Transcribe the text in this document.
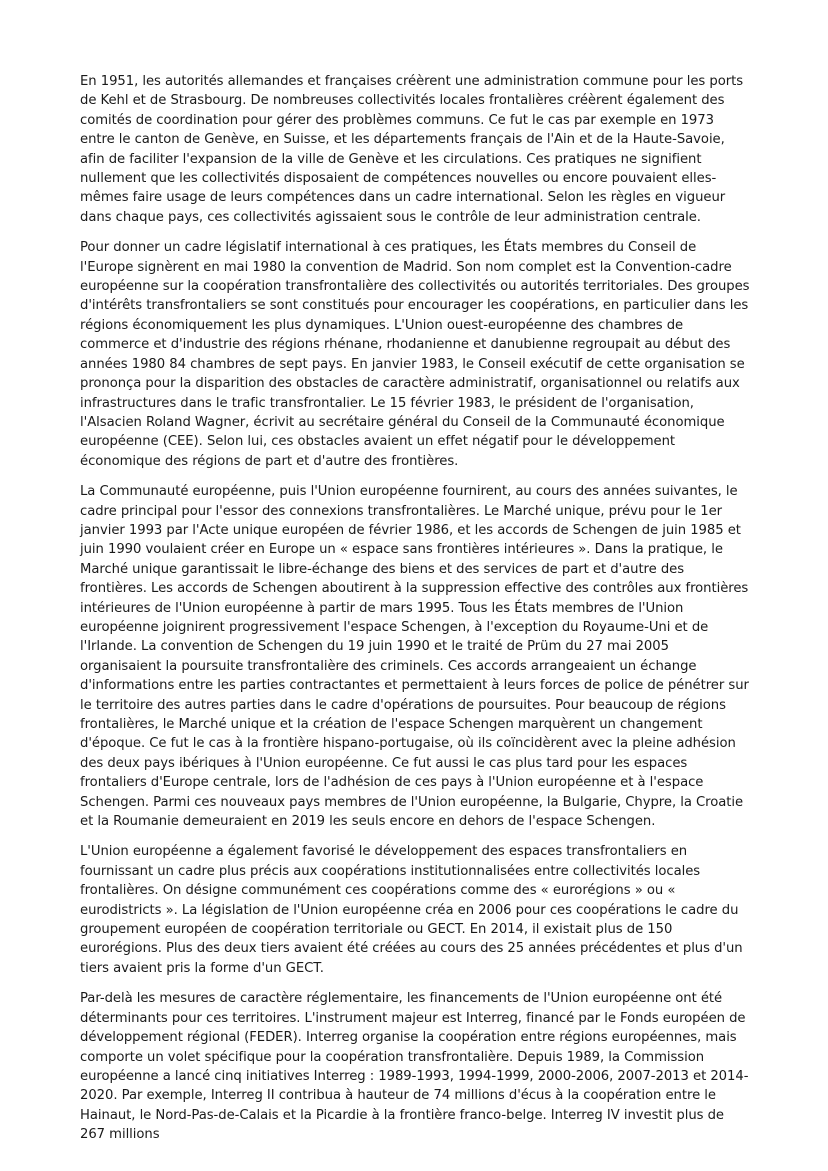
En 1951, les autorités allemandes et françaises créèrent une administration commune pour les ports de Kehl et de Strasbourg. De nombreuses collectivités locales frontalières créèrent également des comités de coordination pour gérer des problèmes communs. Ce fut le cas par exemple en 1973 entre le canton de Genève, en Suisse, et les départements français de l'Ain et de la Haute-Savoie, afin de faciliter l'expansion de la ville de Genève et les circulations. Ces pratiques ne signifient nullement que les collectivités disposaient de compétences nouvelles ou encore pouvaient elles-mêmes faire usage de leurs compétences dans un cadre international. Selon les règles en vigueur dans chaque pays, ces collectivités agissaient sous le contrôle de leur administration centrale.

Pour donner un cadre législatif international à ces pratiques, les États membres du Conseil de l'Europe signèrent en mai 1980 la convention de Madrid. Son nom complet est la Convention-cadre européenne sur la coopération transfrontalière des collectivités ou autorités territoriales. Des groupes d'intérêts transfrontaliers se sont constitués pour encourager les coopérations, en particulier dans les régions économiquement les plus dynamiques. L'Union ouest-européenne des chambres de commerce et d'industrie des régions rhénane, rhodanienne et danubienne regroupait au début des années 1980 84 chambres de sept pays. En janvier 1983, le Conseil exécutif de cette organisation se prononça pour la disparition des obstacles de caractère administratif, organisationnel ou relatifs aux infrastructures dans le trafic transfrontalier. Le 15 février 1983, le président de l'organisation, l'Alsacien Roland Wagner, écrivit au secrétaire général du Conseil de la Communauté économique européenne (CEE). Selon lui, ces obstacles avaient un effet négatif pour le développement économique des régions de part et d'autre des frontières.

La Communauté européenne, puis l'Union européenne fournirent, au cours des années suivantes, le cadre principal pour l'essor des connexions transfrontalières. Le Marché unique, prévu pour le 1er janvier 1993 par l'Acte unique européen de février 1986, et les accords de Schengen de juin 1985 et juin 1990 voulaient créer en Europe un « espace sans frontières intérieures ». Dans la pratique, le Marché unique garantissait le libre-échange des biens et des services de part et d'autre des frontières. Les accords de Schengen aboutirent à la suppression effective des contrôles aux frontières intérieures de l'Union européenne à partir de mars 1995. Tous les États membres de l'Union européenne joignirent progressivement l'espace Schengen, à l'exception du Royaume-Uni et de l'Irlande. La convention de Schengen du 19 juin 1990 et le traité de Prüm du 27 mai 2005 organisaient la poursuite transfrontalière des criminels. Ces accords arrangeaient un échange d'informations entre les parties contractantes et permettaient à leurs forces de police de pénétrer sur le territoire des autres parties dans le cadre d'opérations de poursuites. Pour beaucoup de régions frontalières, le Marché unique et la création de l'espace Schengen marquèrent un changement d'époque. Ce fut le cas à la frontière hispano-portugaise, où ils coïncidèrent avec la pleine adhésion des deux pays ibériques à l'Union européenne. Ce fut aussi le cas plus tard pour les espaces frontaliers d'Europe centrale, lors de l'adhésion de ces pays à l'Union européenne et à l'espace Schengen. Parmi ces nouveaux pays membres de l'Union européenne, la Bulgarie, Chypre, la Croatie et la Roumanie demeuraient en 2019 les seuls encore en dehors de l'espace Schengen.

L'Union européenne a également favorisé le développement des espaces transfrontaliers en fournissant un cadre plus précis aux coopérations institutionnalisées entre collectivités locales frontalières. On désigne communément ces coopérations comme des « eurorégions » ou « eurodistricts ». La législation de l'Union européenne créa en 2006 pour ces coopérations le cadre du groupement européen de coopération territoriale ou GECT. En 2014, il existait plus de 150 eurorégions. Plus des deux tiers avaient été créées au cours des 25 années précédentes et plus d'un tiers avaient pris la forme d'un GECT.

Par-delà les mesures de caractère réglementaire, les financements de l'Union européenne ont été déterminants pour ces territoires. L'instrument majeur est Interreg, financé par le Fonds européen de développement régional (FEDER). Interreg organise la coopération entre régions européennes, mais comporte un volet spécifique pour la coopération transfrontalière. Depuis 1989, la Commission européenne a lancé cinq initiatives Interreg : 1989-1993, 1994-1999, 2000-2006, 2007-2013 et 2014-2020. Par exemple, Interreg II contribua à hauteur de 74 millions d'écus à la coopération entre le Hainaut, le Nord-Pas-de-Calais et la Picardie à la frontière franco-belge. Interreg IV investit plus de 267 millions
